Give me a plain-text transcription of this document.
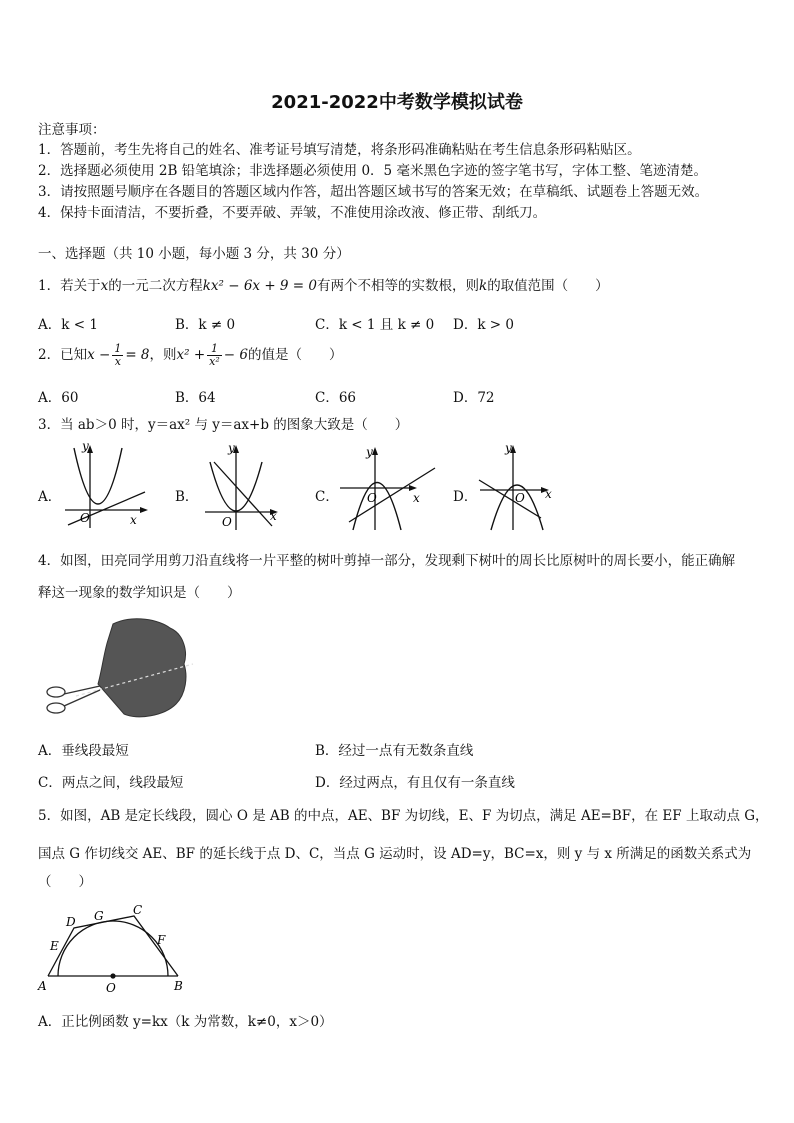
2021-2022中考数学模拟试卷
注意事项：
1．答题前，考生先将自己的姓名、准考证号填写清楚，将条形码准确粘贴在考生信息条形码粘贴区。
2．选择题必须使用 2B 铅笔填涂；非选择题必须使用 0．5 毫米黑色字迹的签字笔书写，字体工整、笔迹清楚。
3．请按照题号顺序在各题目的答题区域内作答，超出答题区域书写的答案无效；在草稿纸、试题卷上答题无效。
4．保持卡面清洁，不要折叠，不要弄破、弄皱，不准使用涂改液、修正带、刮纸刀。
一、选择题（共 10 小题，每小题 3 分，共 30 分）
1．若关于x的一元二次方程kx² − 6x + 9 = 0有两个不相等的实数根，则k的取值范围（　　）
A．k < 1	B．k ≠ 0	C．k < 1 且 k ≠ 0 D．k > 0
2．已知$x - \frac{1}{x} = 8$，则$x^2 + \frac{1}{\text{x²}} - 6$的值是（　　）
A．60	B．64	C．66	D．72
3．当 ab＞0 时，y＝ax² 与 y＝ax+b 的图象大致是（　　）
A．	B．	C．	D．
y
x
O
y
x
O
y
x
O
y
x
O
4．如图，田亮同学用剪刀沿直线将一片平整的树叶剪掉一部分，发现剩下树叶的周长比原树叶的周长要小，能正确解
释这一现象的数学知识是（　　）
A．垂线段最短	B．经过一点有无数条直线
C．两点之间，线段最短	D．经过两点，有且仅有一条直线
5．如图，AB 是定长线段，圆心 O 是 AB 的中点，AE、BF 为切线，E、F 为切点，满足 AE=BF，在 EF 上取动点 G，
国点 G 作切线交 AE、BF 的延长线于点 D、C，当点 G 运动时，设 AD=y，BC=x，则 y 与 x 所满足的函数关系式为
（　　）
A	B
C
D
E	F
G
O
A．正比例函数 y=kx（k 为常数，k≠0，x＞0）
